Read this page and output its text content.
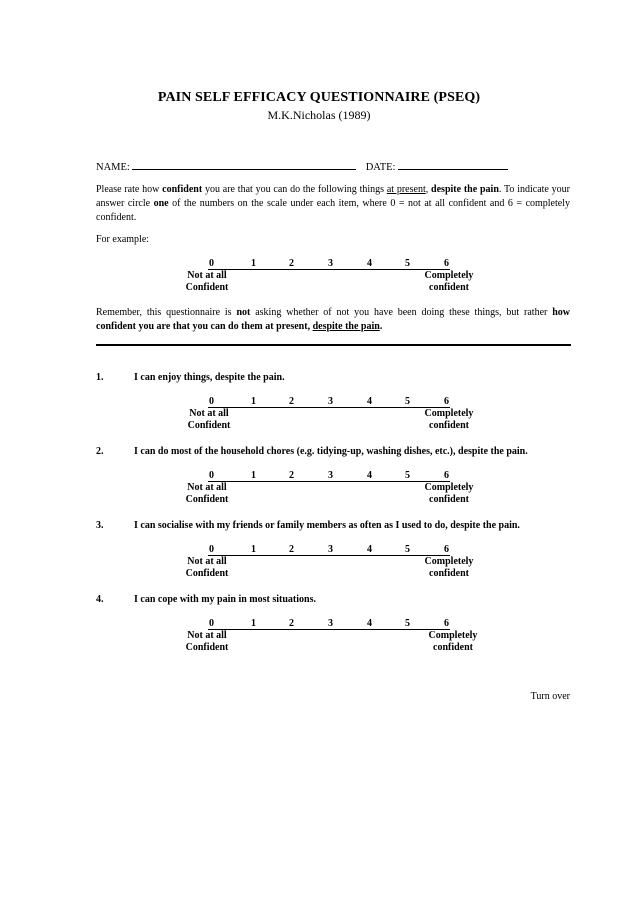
PAIN SELF EFFICACY QUESTIONNAIRE (PSEQ)
M.K.Nicholas (1989)
NAME:	DATE:
Please rate how confident you are that you can do the following things at present, despite the pain. To indicate your answer circle one of the numbers on the scale under each item, where 0 = not at all confident and 6 = completely confident.
For example:
0	1	2	3	4	5	6
Not at all
Confident
Completely
confident
Remember, this questionnaire is not asking whether of not you have been doing these things, but rather how confident you are that you can do them at present, despite the pain.
1.	I can enjoy things, despite the pain.
0	1	2	3	4	5	6
Not at all
Confident
Completely
confident
2.	I can do most of the household chores (e.g. tidying-up, washing dishes, etc.), despite the pain.
0	1	2	3	4	5	6
Not at all
Confident
Completely
confident
3.	I can socialise with my friends or family members as often as I used to do, despite the pain.
0	1	2	3	4	5	6
Not at all
Confident
Completely
confident
4.	I can cope with my pain in most situations.
0	1	2	3	4	5	6
Not at all
Confident
Completely
confident
Turn over
